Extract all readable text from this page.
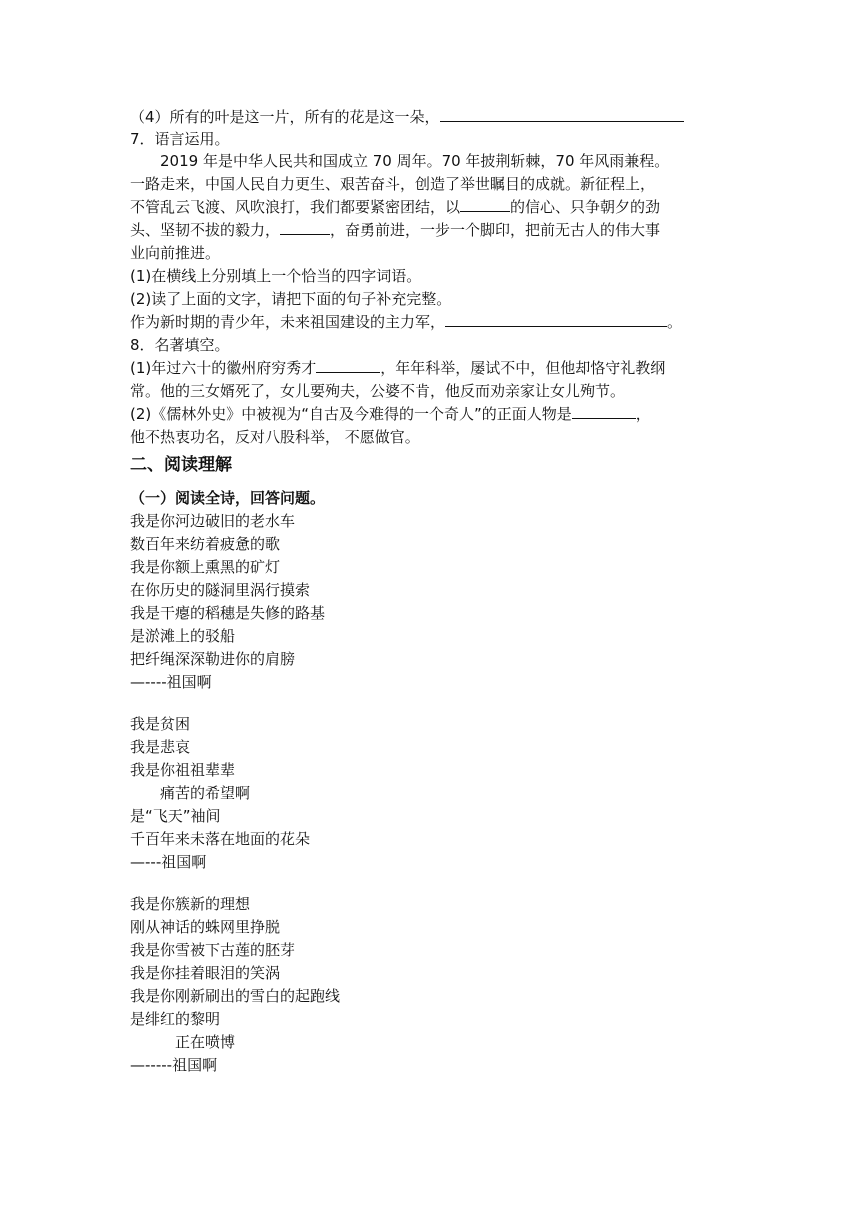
（4）所有的叶是这一片，所有的花是这一朵，
7．语言运用。
　　2019 年是中华人民共和国成立 70 周年。70 年披荆斩棘，70 年风雨兼程。
一路走来，中国人民自力更生、艰苦奋斗，创造了举世瞩目的成就。新征程上，
不管乱云飞渡、风吹浪打，我们都要紧密团结，以	的信心、只争朝夕的劲
头、坚韧不拔的毅力，	，奋勇前进，一步一个脚印，把前无古人的伟大事
业向前推进。
(1)在横线上分别填上一个恰当的四字词语。
(2)读了上面的文字，请把下面的句子补充完整。
作为新时期的青少年，未来祖国建设的主力军，	。
8．名著填空。
(1)年过六十的徽州府穷秀才	，年年科举，屡试不中，但他却恪守礼教纲
常。他的三女婿死了，女儿要殉夫，公婆不肯，他反而劝亲家让女儿殉节。
(2)《儒林外史》中被视为“自古及今难得的一个奇人”的正面人物是	，
他不热衷功名，反对八股科举， 不愿做官。
二、阅读理解
（一）阅读全诗，回答问题。
我是你河边破旧的老水车
数百年来纺着疲惫的歌
我是你额上熏黑的矿灯
在你历史的隧洞里涡行摸索
我是干瘪的稻穗是失修的路基
是淤滩上的驳船
把纤绳深深勒进你的肩膀
—----祖国啊
我是贫困
我是悲哀
我是你祖祖辈辈
　　痛苦的希望啊
是“飞天”袖间
千百年来未落在地面的花朵
—---祖国啊
我是你簇新的理想
刚从神话的蛛网里挣脱
我是你雪被下古莲的胚芽
我是你挂着眼泪的笑涡
我是你刚新刷出的雪白的起跑线
是绯红的黎明
　　　正在喷博
—-----祖国啊
